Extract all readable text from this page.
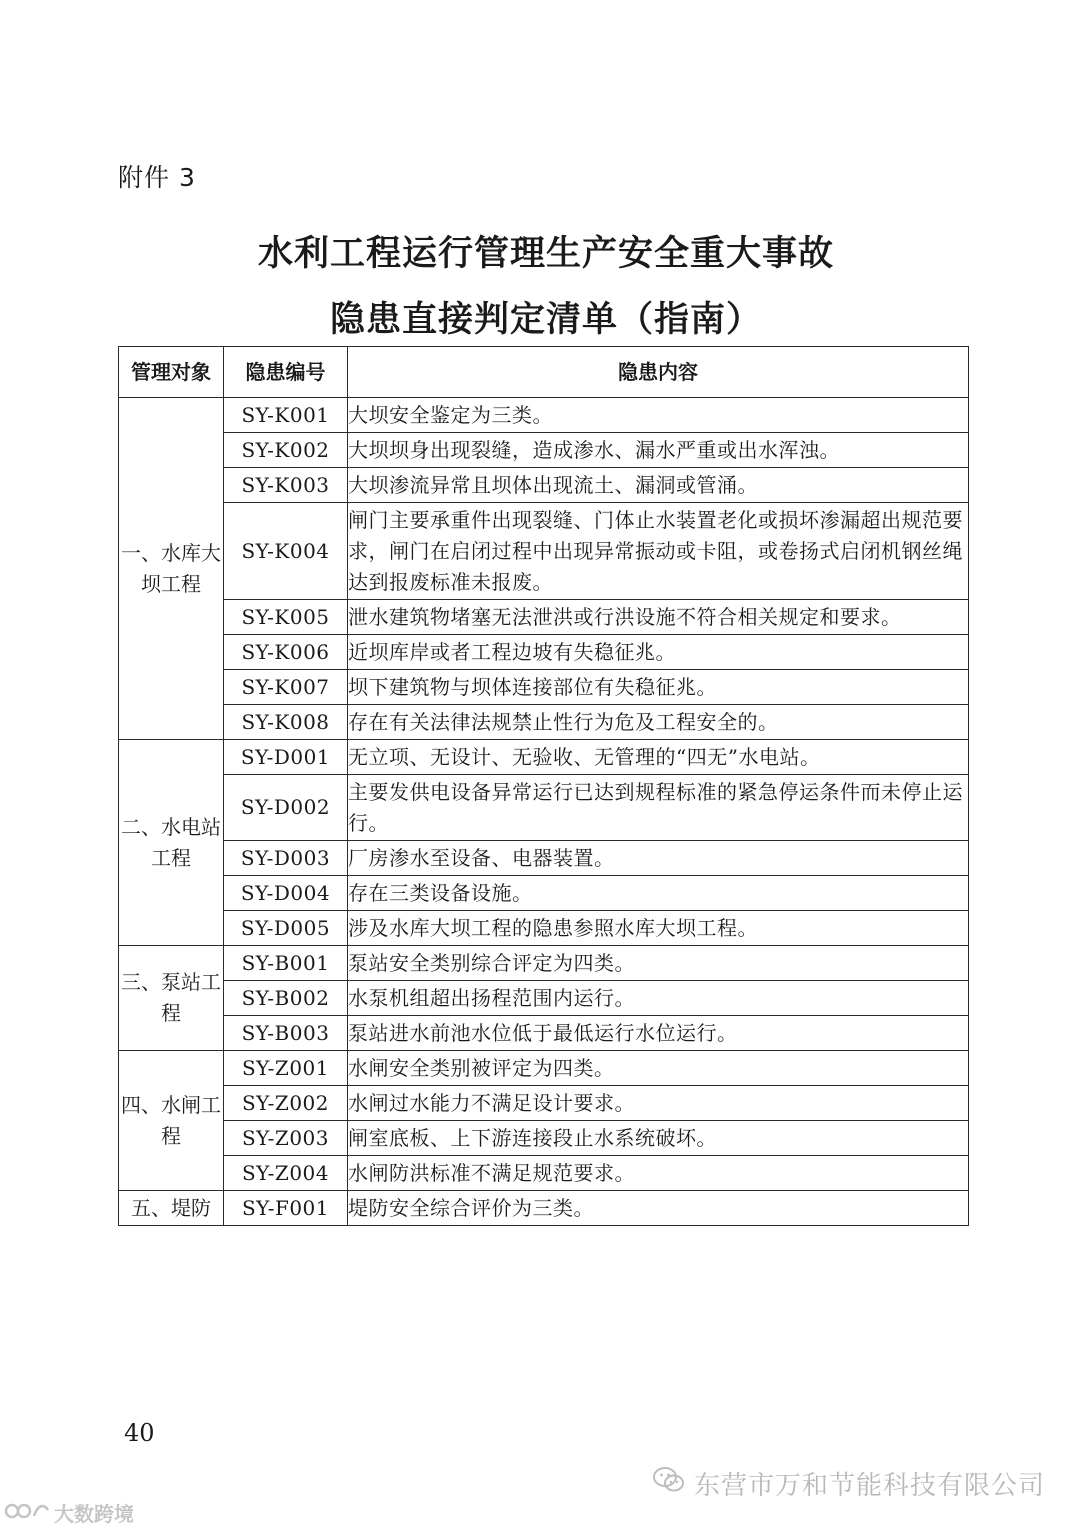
附件 3
水利工程运行管理生产安全重大事故
隐患直接判定清单（指南）
管理对象	隐患编号	隐患内容
一、水库大坝工程	SY-K001	大坝安全鉴定为三类。
	SY-K002	大坝坝身出现裂缝，造成渗水、漏水严重或出水浑浊。
	SY-K003	大坝渗流异常且坝体出现流土、漏洞或管涌。
	SY-K004	闸门主要承重件出现裂缝、门体止水装置老化或损坏渗漏超出规范要求，闸门在启闭过程中出现异常振动或卡阻，或卷扬式启闭机钢丝绳达到报废标准未报废。
	SY-K005	泄水建筑物堵塞无法泄洪或行洪设施不符合相关规定和要求。
	SY-K006	近坝库岸或者工程边坡有失稳征兆。
	SY-K007	坝下建筑物与坝体连接部位有失稳征兆。
	SY-K008	存在有关法律法规禁止性行为危及工程安全的。
二、水电站工程	SY-D001	无立项、无设计、无验收、无管理的“四无”水电站。
	SY-D002	主要发供电设备异常运行已达到规程标准的紧急停运条件而未停止运行。
	SY-D003	厂房渗水至设备、电器装置。
	SY-D004	存在三类设备设施。
	SY-D005	涉及水库大坝工程的隐患参照水库大坝工程。
三、泵站工程	SY-B001	泵站安全类别综合评定为四类。
	SY-B002	水泵机组超出扬程范围内运行。
	SY-B003	泵站进水前池水位低于最低运行水位运行。
四、水闸工程	SY-Z001	水闸安全类别被评定为四类。
	SY-Z002	水闸过水能力不满足设计要求。
	SY-Z003	闸室底板、上下游连接段止水系统破坏。
	SY-Z004	水闸防洪标准不满足规范要求。
五、堤防	SY-F001	堤防安全综合评价为三类。
40
东营市万和节能科技有限公司
大数跨境
